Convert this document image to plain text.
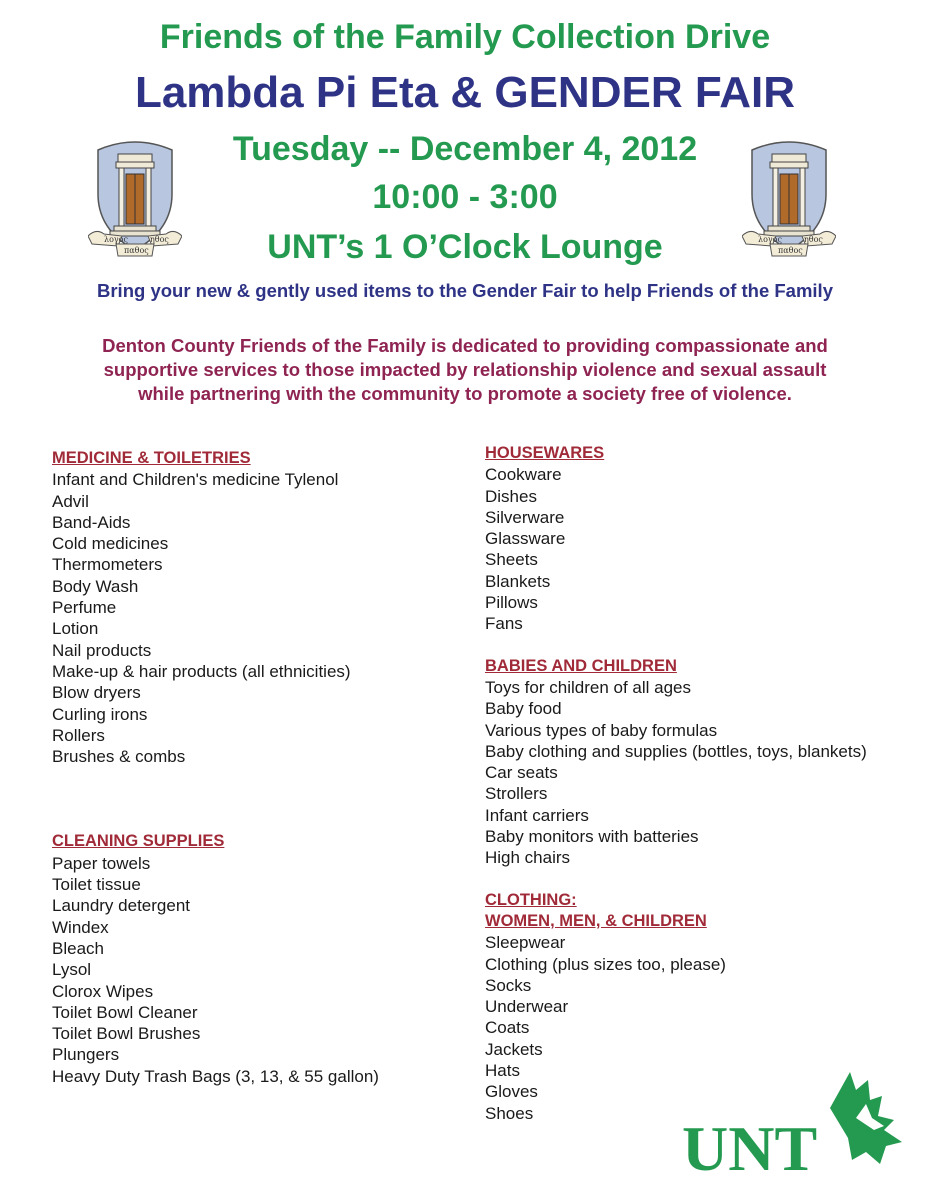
Friends of the Family Collection Drive
Lambda Pi Eta & GENDER FAIR
Tuesday -- December 4, 2012
10:00 - 3:00
UNT’s 1 O’Clock Lounge
λογος	ηθος
παθος
λογος	ηθος
παθος
Bring your new & gently used items to the Gender Fair to help Friends of the Family
Denton County Friends of the Family is dedicated to providing compassionate and
supportive services to those impacted by relationship violence and sexual assault
while partnering with the community to promote a society free of violence.
MEDICINE & TOILETRIES
Infant and Children's medicine Tylenol
Advil
Band-Aids
Cold medicines
Thermometers
Body Wash
Perfume
Lotion
Nail products
Make-up & hair products (all ethnicities)
Blow dryers
Curling irons
Rollers
Brushes & combs
CLEANING SUPPLIES
Paper towels
Toilet tissue
Laundry detergent
Windex
Bleach
Lysol
Clorox Wipes
Toilet Bowl Cleaner
Toilet Bowl Brushes
Plungers
Heavy Duty Trash Bags (3, 13, & 55 gallon)
HOUSEWARES
Cookware
Dishes
Silverware
Glassware
Sheets
Blankets
Pillows
Fans
BABIES AND CHILDREN
Toys for children of all ages
Baby food
Various types of baby formulas
Baby clothing and supplies (bottles, toys, blankets)
Car seats
Strollers
Infant carriers
Baby monitors with batteries
High chairs
CLOTHING:
WOMEN, MEN, & CHILDREN
Sleepwear
Clothing (plus sizes too, please)
Socks
Underwear
Coats
Jackets
Hats
Gloves
Shoes	UNT
